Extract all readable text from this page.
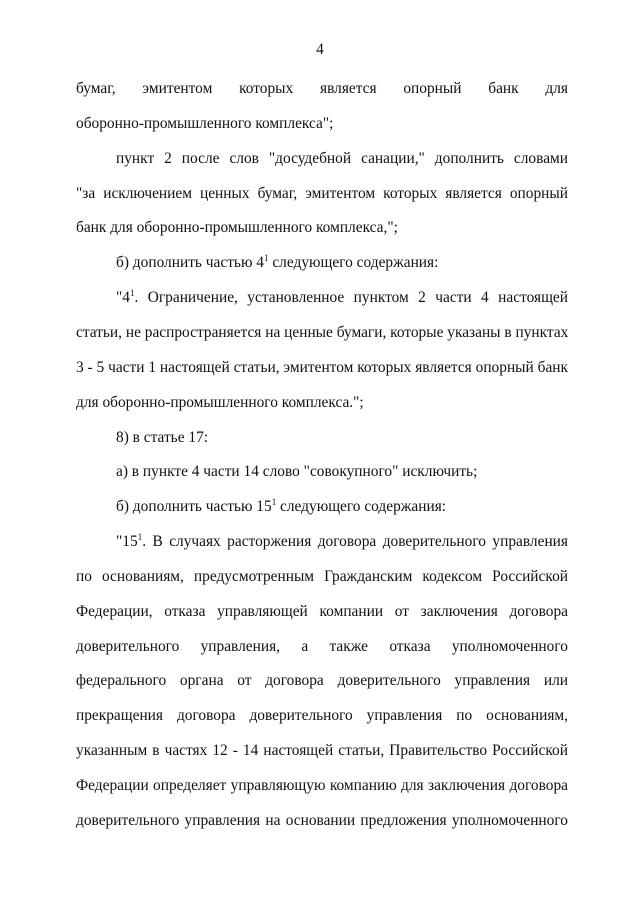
4
бумаг, эмитентом которых является опорный банк для
оборонно-промышленного комплекса";
пункт 2 после слов "досудебной санации," дополнить словами
"за исключением ценных бумаг, эмитентом которых является опорный
банк для оборонно-промышленного комплекса,";
б) дополнить частью $4^1$ следующего содержания:
"$4^1$. Ограничение, установленное пунктом 2 части 4 настоящей
статьи, не распространяется на ценные бумаги, которые указаны в пунктах
3 - 5 части 1 настоящей статьи, эмитентом которых является опорный банк
для оборонно-промышленного комплекса.";
8) в статье 17:
а) в пункте 4 части 14 слово "совокупного" исключить;
б) дополнить частью $15^1$ следующего содержания:
"$15^1$. В случаях расторжения договора доверительного управления
по основаниям, предусмотренным Гражданским кодексом Российской
Федерации, отказа управляющей компании от заключения договора
доверительного управления, а также отказа уполномоченного
федерального органа от договора доверительного управления или
прекращения договора доверительного управления по основаниям,
указанным в частях 12 - 14 настоящей статьи, Правительство Российской
Федерации определяет управляющую компанию для заключения договора
доверительного управления на основании предложения уполномоченного
